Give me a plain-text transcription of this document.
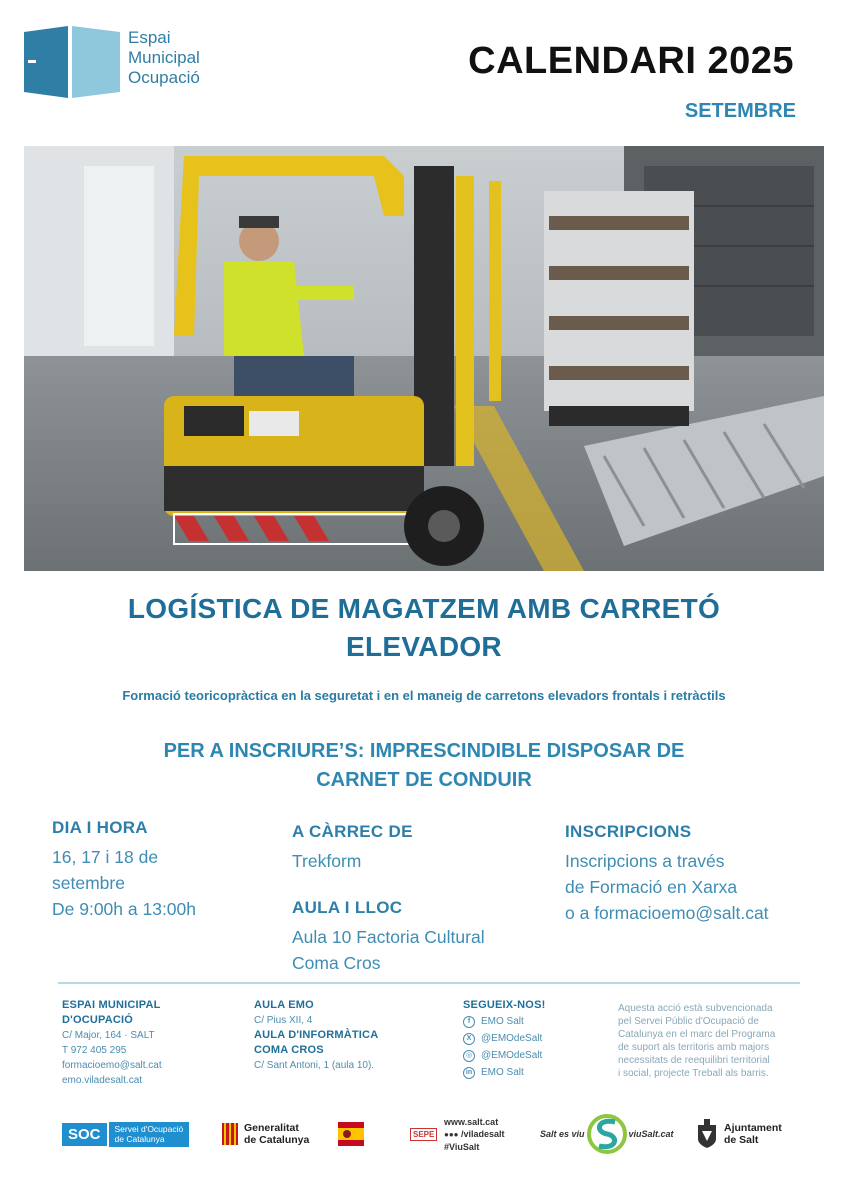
Espai
Municipal
Ocupació	CALENDARI 2025
SETEMBRE
LOGÍSTICA DE MAGATZEM AMB CARRETÓ
ELEVADOR
Formació teoricopràctica en la seguretat i en el maneig de carretons elevadors frontals i retràctils
PER A INSCRIURE’S: IMPRESCINDIBLE DISPOSAR DE
CARNET DE CONDUIR
DIA I HORA
16, 17 i 18 de
setembre
De 9:00h a 13:00h
A CÀRREC DE
Trekform
AULA I LLOC
Aula 10 Factoria Cultural
Coma Cros
INSCRIPCIONS
Inscripcions a través
de Formació en Xarxa
o a formacioemo@salt.cat
ESPAI MUNICIPAL
D'OCUPACIÓ
C/ Major, 164 · SALT
T 972 405 295
formacioemo@salt.cat
emo.viladesalt.cat
AULA EMO
C/ Pius XII, 4
AULA D'INFORMÀTICA
COMA CROS
C/ Sant Antoni, 1 (aula 10).
SEGUEIX-NOS!
f	EMO Salt
X @EMOdeSalt
◎ @EMOdeSalt
in EMO Salt
Aquesta acció està subvencionada
pel Servei Públic d'Ocupació de
Catalunya en el marc del Programa
de suport als territoris amb majors
necessitats de reequilibri territorial
i social, projecte Treball als barris.
SOC	Servei d'Ocupació
de Catalunya
Generalitat
de Catalunya	SEPE
www.salt.cat
●●● /viladesalt
#ViuSalt
Salt es viu	viuSalt.cat	Ajuntament
de Salt
